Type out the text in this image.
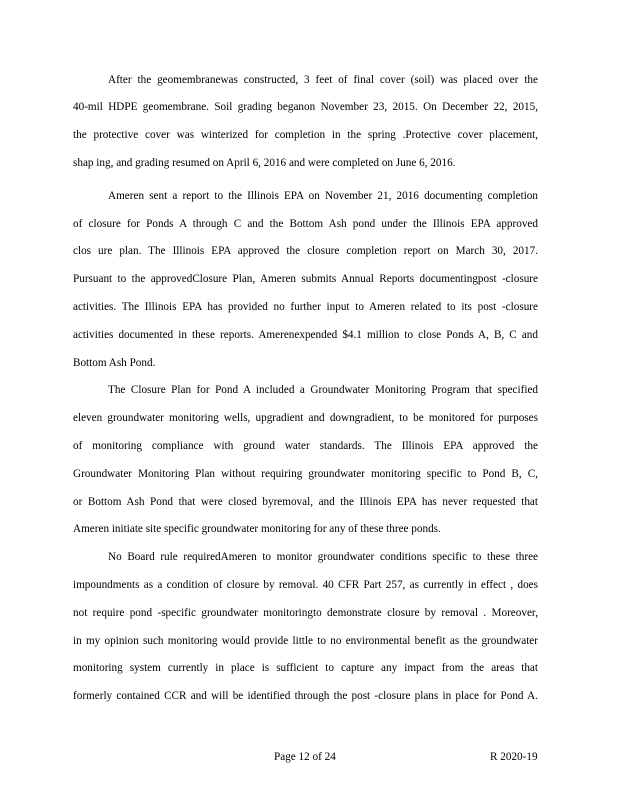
After the geomembranewas constructed, 3 feet of final cover (soil) was placed over the
40-mil HDPE geomembrane. Soil grading beganon November 23, 2015. On December 22, 2015,
the protective cover was winterized for completion in the spring .Protective cover placement,
shap ing, and grading resumed on April 6, 2016 and were completed on June 6, 2016.
Ameren sent a report to the Illinois EPA on November 21, 2016 documenting completion
of closure for Ponds A through C and the Bottom Ash pond under the Illinois EPA approved
clos ure plan. The Illinois EPA approved the closure completion report on March 30, 2017.
Pursuant to the approvedClosure Plan, Ameren submits Annual Reports documentingpost -closure
activities. The Illinois EPA has provided no further input to Ameren related to its post -closure
activities documented in these reports. Amerenexpended $4.1 million to close Ponds A, B, C and
Bottom Ash Pond.
The Closure Plan for Pond A included a Groundwater Monitoring Program that specified
eleven groundwater monitoring wells, upgradient and downgradient, to be monitored for purposes
of monitoring compliance with ground water standards. The Illinois EPA approved the
Groundwater Monitoring Plan without requiring groundwater monitoring specific to Pond B, C,
or Bottom Ash Pond that were closed byremoval, and the Illinois EPA has never requested that
Ameren initiate site specific groundwater monitoring for any of these three ponds.
No Board rule requiredAmeren to monitor groundwater conditions specific to these three
impoundments as a condition of closure by removal. 40 CFR Part 257, as currently in effect , does
not require pond -specific groundwater monitoringto demonstrate closure by removal . Moreover,
in my opinion such monitoring would provide little to no environmental benefit as the groundwater
monitoring system currently in place is sufficient to capture any impact from the areas that
formerly contained CCR and will be identified through the post -closure plans in place for Pond A.
Page 12 of 24	R 2020-19
